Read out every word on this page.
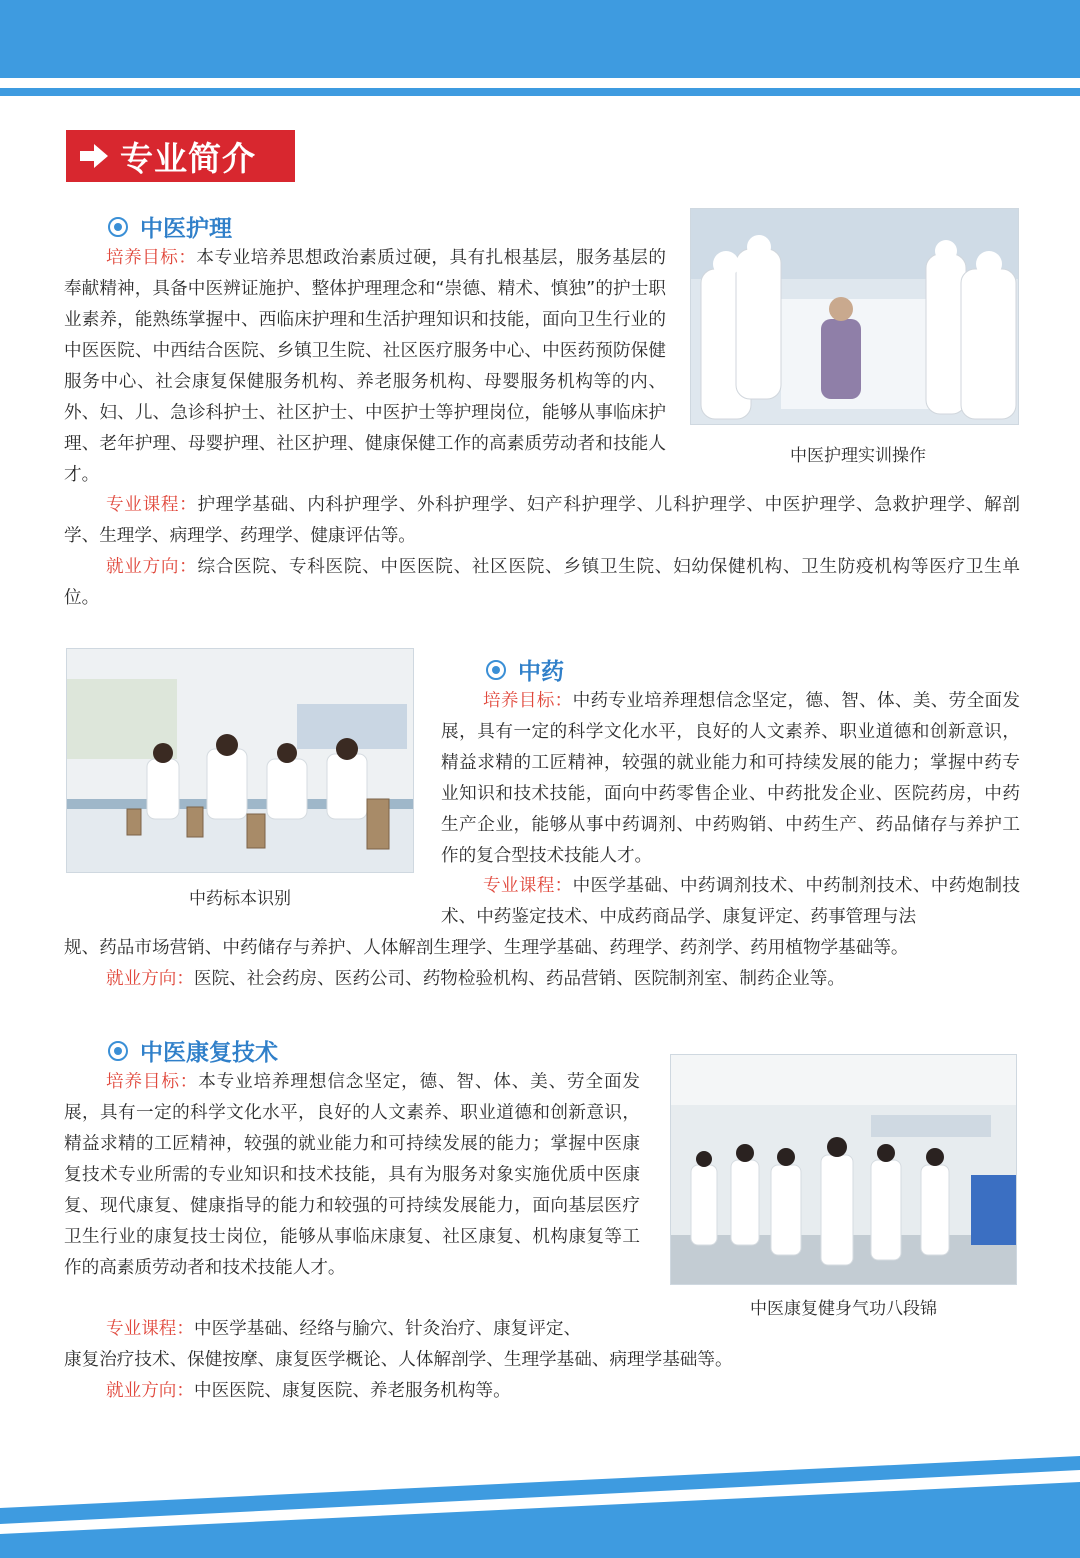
专业简介
中医护理
培养目标：本专业培养思想政治素质过硬，具有扎根基层，服务基层的奉献精神，具备中医辨证施护、整体护理理念和“崇德、精术、慎独”的护士职业素养，能熟练掌握中、西临床护理和生活护理知识和技能，面向卫生行业的中医医院、中西结合医院、乡镇卫生院、社区医疗服务中心、中医药预防保健服务中心、社会康复保健服务机构、养老服务机构、母婴服务机构等的内、外、妇、儿、急诊科护士、社区护士、中医护士等护理岗位，能够从事临床护理、老年护理、母婴护理、社区护理、健康保健工作的高素质劳动者和技能人才。
中医护理实训操作
专业课程：护理学基础、内科护理学、外科护理学、妇产科护理学、儿科护理学、中医护理学、急救护理学、解剖学、生理学、病理学、药理学、健康评估等。
就业方向：综合医院、专科医院、中医医院、社区医院、乡镇卫生院、妇幼保健机构、卫生防疫机构等医疗卫生单位。
中药标本识别
中药
培养目标：中药专业培养理想信念坚定，德、智、体、美、劳全面发展，具有一定的科学文化水平，良好的人文素养、职业道德和创新意识，精益求精的工匠精神，较强的就业能力和可持续发展的能力；掌握中药专业知识和技术技能，面向中药零售企业、中药批发企业、医院药房，中药生产企业，能够从事中药调剂、中药购销、中药生产、药品储存与养护工作的复合型技术技能人才。
专业课程：中医学基础、中药调剂技术、中药制剂技术、中药炮制技术、中药鉴定技术、中成药商品学、康复评定、药事管理与法
规、药品市场营销、中药储存与养护、人体解剖生理学、生理学基础、药理学、药剂学、药用植物学基础等。
就业方向：医院、社会药房、医药公司、药物检验机构、药品营销、医院制剂室、制药企业等。
中医康复技术
培养目标：本专业培养理想信念坚定，德、智、体、美、劳全面发展，具有一定的科学文化水平，良好的人文素养、职业道德和创新意识，精益求精的工匠精神，较强的就业能力和可持续发展的能力；掌握中医康复技术专业所需的专业知识和技术技能，具有为服务对象实施优质中医康复、现代康复、健康指导的能力和较强的可持续发展能力，面向基层医疗卫生行业的康复技士岗位，能够从事临床康复、社区康复、机构康复等工作的高素质劳动者和技术技能人才。
中医康复健身气功八段锦
专业课程：中医学基础、经络与腧穴、针灸治疗、康复评定、
康复治疗技术、保健按摩、康复医学概论、人体解剖学、生理学基础、病理学基础等。
就业方向：中医医院、康复医院、养老服务机构等。
